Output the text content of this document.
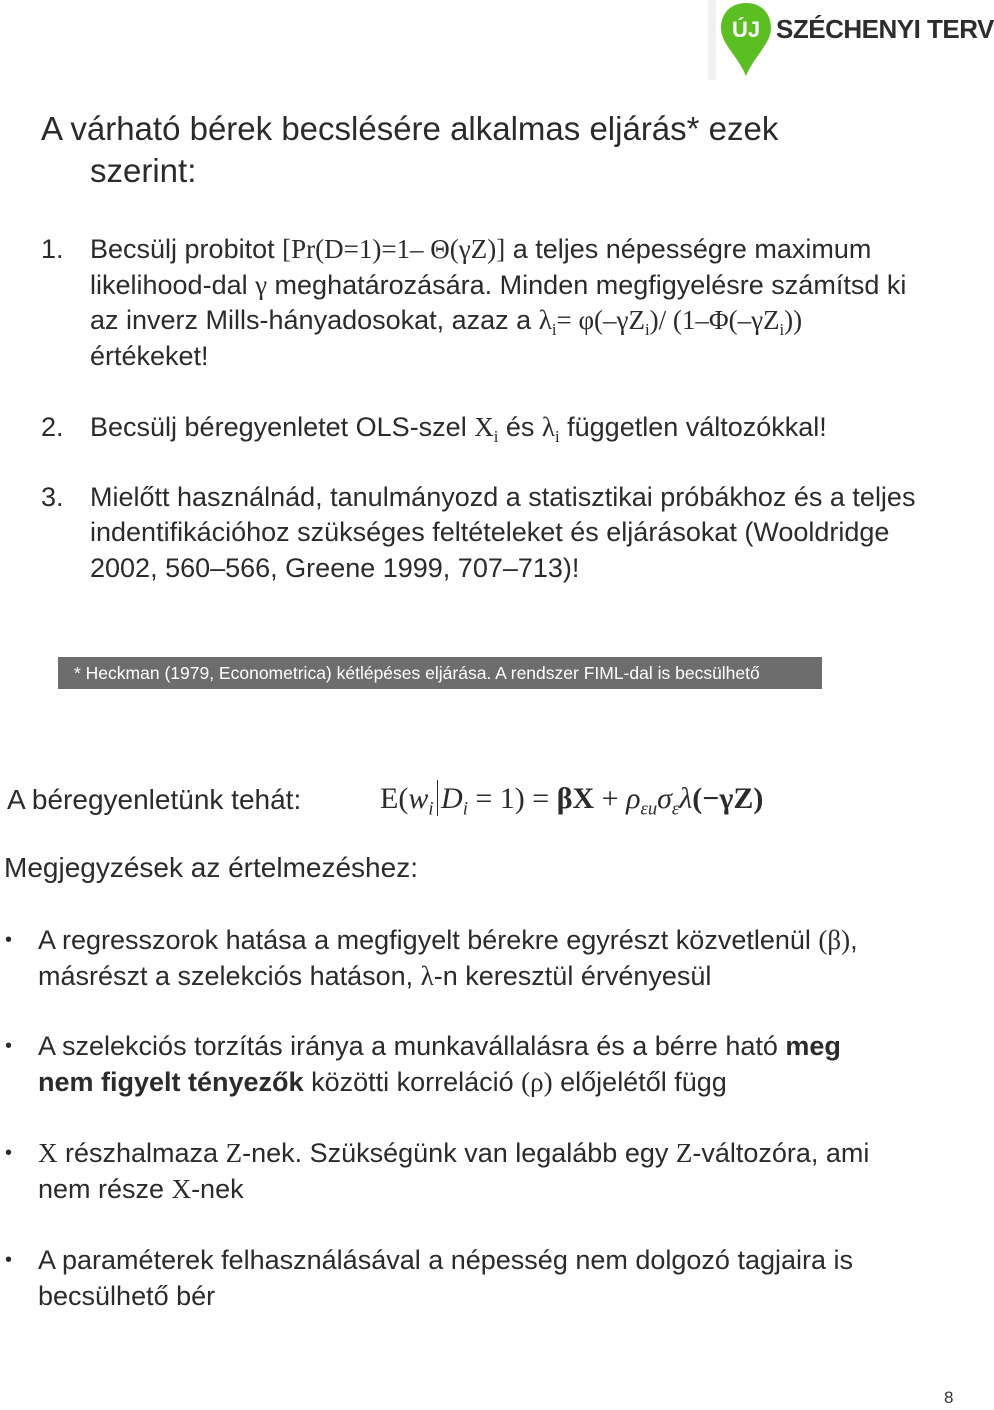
ÚJ SZÉCHENYI TERV
A várható bérek becslésére alkalmas eljárás* ezek
szerint:
1. Becsülj probitot [Pr(D=1)=1– Θ(γZ)] a teljes népességre maximum likelihood-dal γ meghatározására. Minden megfigyelésre számítsd ki az inverz Mills-hányadosokat, azaz a $\lambda_i= \varphi(-\gamma Z_i)/$ $(1-\Phi(-\gamma Z_i))$ értékeket!
2. Becsülj béregyenletet OLS-szel $X_i$ és $\lambda_i$ független változókkal!
3. Mielőtt használnád, tanulmányozd a statisztikai próbákhoz és a teljes indentifikációhoz szükséges feltételeket és eljárásokat (Wooldridge 2002, 560–566, Greene 1999, 707–713)!
* Heckman (1979, Econometrica) kétlépéses eljárása. A rendszer FIML-dal is becsülhető
A béregyenletünk tehát:	$E(w_i$ $D_i = 1) = \beta X + \rho_{\varepsilon u}\sigma_\varepsilon\lambda(-\gamma Z)$
Megjegyzések az értelmezéshez:
• A regresszorok hatása a megfigyelt bérekre egyrészt közvetlenül (β), másrészt a szelekciós hatáson, λ-n keresztül érvényesül
• A szelekciós torzítás iránya a munkavállalásra és a bérre ható meg nem figyelt tényezők közötti korreláció (ρ) előjelétől függ
• X részhalmaza Z-nek. Szükségünk van legalább egy Z-változóra, ami nem része X-nek
• A paraméterek felhasználásával a népesség nem dolgozó tagjaira is becsülhető bér
8
